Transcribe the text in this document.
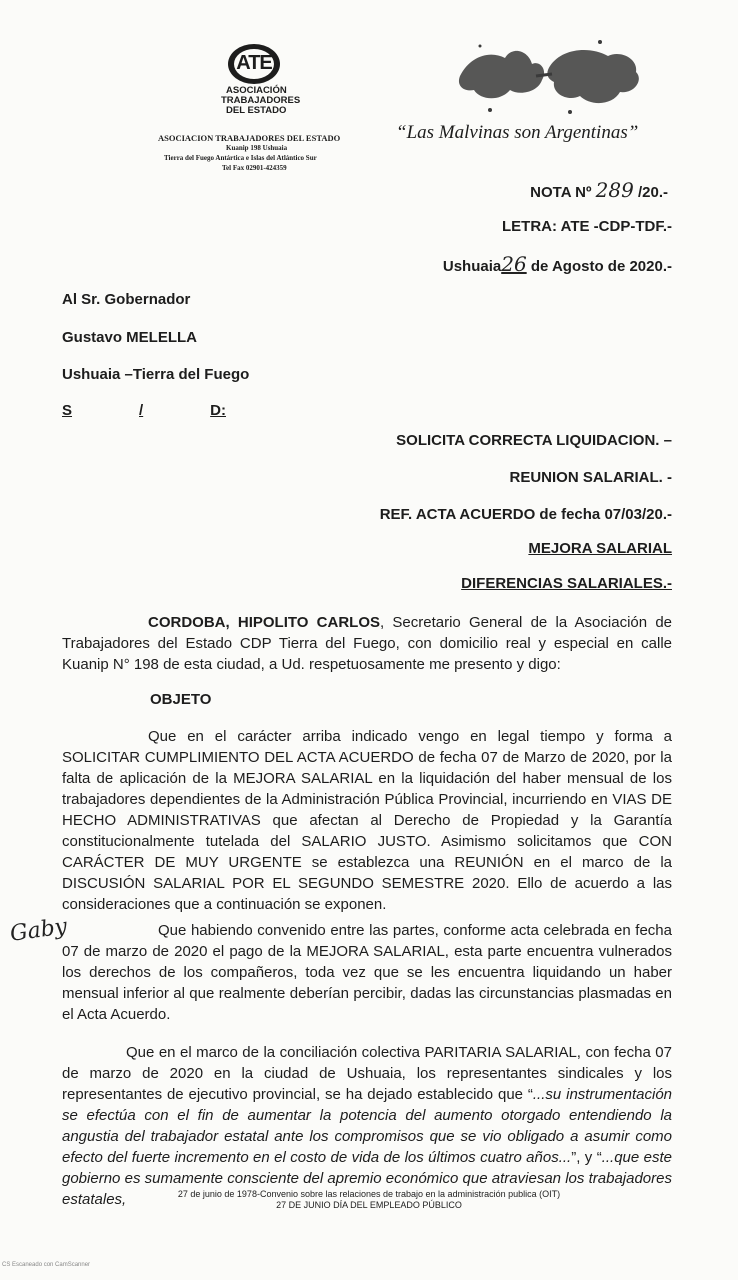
ATE
ASOCIACIÓN
TRABAJADORES
DEL ESTADO
ASOCIACION TRABAJADORES DEL ESTADO
Kuanip 198 Ushuaia
Tierra del Fuego Antártica e Islas del Atlántico Sur
Tel Fax 02901-424359
“Las Malvinas son Argentinas”
NOTA Nº 289 /20.-
LETRA: ATE -CDP-TDF.-
Ushuaia26 de Agosto de 2020.-
Al Sr. Gobernador
Gustavo MELELLA
Ushuaia –Tierra del Fuego
S	/	D:
SOLICITA CORRECTA LIQUIDACION. –
REUNION SALARIAL. -
REF. ACTA ACUERDO de fecha 07/03/20.-
MEJORA SALARIAL
DIFERENCIAS SALARIALES.-

CORDOBA, HIPOLITO CARLOS, Secretario General de la Asociación de Trabajadores del Estado CDP Tierra del Fuego, con domicilio real y especial en calle Kuanip N° 198 de esta ciudad, a Ud. respetuosamente me presento y digo:

OBJETO

Que en el carácter arriba indicado vengo en legal tiempo y forma a SOLICITAR CUMPLIMIENTO DEL ACTA ACUERDO de fecha 07 de Marzo de 2020, por la falta de aplicación de la MEJORA SALARIAL en la liquidación del haber mensual de los trabajadores dependientes de la Administración Pública Provincial, incurriendo en VIAS DE HECHO ADMINISTRATIVAS que afectan al Derecho de Propiedad y la Garantía constitucionalmente tutelada del SALARIO JUSTO. Asimismo solicitamos que CON CARÁCTER DE MUY URGENTE se establezca una REUNIÓN en el marco de la DISCUSIÓN SALARIAL POR EL SEGUNDO SEMESTRE 2020. Ello de acuerdo a las consideraciones que a continuación se exponen.

Que habiendo convenido entre las partes, conforme acta celebrada en fecha 07 de marzo de 2020 el pago de la MEJORA SALARIAL, esta parte encuentra vulnerados los derechos de los compañeros, toda vez que se les encuentra liquidando un haber mensual inferior al que realmente deberían percibir, dadas las circunstancias plasmadas en el Acta Acuerdo.

Que en el marco de la conciliación colectiva PARITARIA SALARIAL, con fecha 07 de marzo de 2020 en la ciudad de Ushuaia, los representantes sindicales y los representantes de ejecutivo provincial, se ha dejado establecido que “...su instrumentación se efectúa con el fin de aumentar la potencia del aumento otorgado entendiendo la angustia del trabajador estatal ante los compromisos que se vio obligado a asumir como efecto del fuerte incremento en el costo de vida de los últimos cuatro años...”, y “...que este gobierno es sumamente consciente del apremio económico que atraviesan los trabajadores estatales,

Gaby
27 de junio de 1978-Convenio sobre las relaciones de trabajo en la administración publica (OIT)
27 DE JUNIO DÍA DEL EMPLEADO PÚBLICO
CS Escaneado con CamScanner
